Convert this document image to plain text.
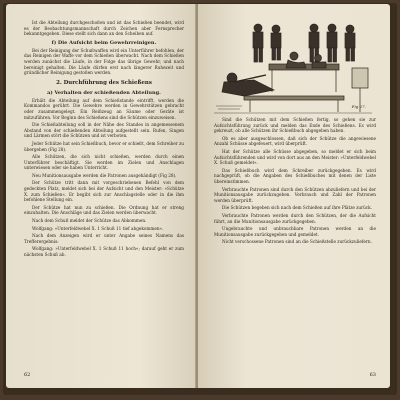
Ist die Abteilung durchgeschoßen und ist das Schießen beendet, wird es der Beobachtungsmannschaft durch Zeichen aber Fernsprecher bekanntgegeben. Diese stellt sich dann an den Scheiben auf.

f) Die Aufsicht beim Gewehrreinigen.

Bei der Reinigung der Schußwaffen wird ein Unterführer befohlen, der das Reinigen der Waffe vor dem Schießen überwacht. Nach dem Schießen werden zunächst die Läufe, in der Folge das übrige Gewehr, und nach bereinigt gehalten. Die Läufe dürfen erst nach längerer Ruhezeit und gründlicher Reinigung gestoßen werden.

2. Durchführung des Schießens
a) Verhalten der schießenden Abteilung.

Erhält die Abteilung auf dem Schießstande eintrifft, werden die Kommandos gerührt. Die Gewehre werden in Gewehrstützen gebracht oder zusammengelegt. Ein Reißzeug an Säume oder Geräte ist mitzuführen. Vor Beginn des Schießens sind die Schützen einzuweisen.

Die Schießabteilung soll in der Nähe des Standes in angemessenem Abstand von der schießenden Abteilung aufgestellt sein. Rufen, Singen und Lärmen stört die Schützen und ist verboten.

Jeder Schütze hat sein Schießbuch, bevor er schießt, dem Schreiber zu übergeben (Fig 28).

Alle Schützen, die sich nicht schießen, werden durch einen Unterführer beschäftigt. Sie werden im Zielen und Anschlagen unterwiesen oder sie haben Unterricht.

Neu Munitionsausgabe werden die Patronen ausgehändigt (Fig 28).

Der Schütze tritt dann mit vorgeschriebenen Befehl von dem gedeckten Platz, meldet sich bei der Aufsicht und den Meister: »Schütze X. zum Schießen«. Er begibt sich zur Anschlagstelle oder in die ihm befohlene Stellung ein.

Der Schütze hat nun zu schießen. Die Ordnung hat er streng einzuhalten. Die Anschläge und das Zielen werden überwacht.

Nach dem Schuß meldet der Schütze das Abkommen.

Wolfgang: »Unterfeldwebel X. 1 Schuß 11 tief abgekommen«.

Nach dem Anzeigen wird er unter Angabe seines Namens das Trefferergebnis:

Wolfgang: »Unterfeldwebel X. 1 Schuß 11 hoch«; darauf geht er zum nächsten Schuß ab.

62
Fig 27.

Sind die Schützen mit dem Schießen fertig, so gehen sie zur Aufsichtsführung zurück und melden das Ende des Schießens. Es wird gekreuzt, ob alle Schützen ihr Schießbuch abgegeben haben.

Ob es aber ausgeschlossen, daß sich der Schütze die angewiesene Anzahl Schüsse abgefeuert, wird überprüft.

Hat der Schütze alle Schüsse abgegeben, so meldet er sich beim Aufsichtsführenden und wird von dort aus an den Meister: »Unterfeldwebel X. Schuß gemeldet«.

Das Schießbuch wird dem Schreiber zurückgegeben. Es wird nachgeprüft, ob die Angaben des Schießbuches mit denen der Liste übereinstimmen.

Verbrauchte Patronen sind durch den Schützen abzuliefern und bei der Munitionsausgabe zurückzugeben. Verbrauch und Zahl der Patronen werden überprüft.

Die Schützen begeben sich nach dem Schießen auf ihre Plätze zurück.

Verbrauchte Patronen werden durch den Schützen, der die Aufsicht führt, an die Munitionsausgabe zurückgegeben.

Ungebrauchte und unbrauchbare Patronen werden an die Munitionsausgabe zurückgegeben und gemeldet.

Nicht verschossene Patronen sind an die Schießstelle zurückzuliefern.

63
